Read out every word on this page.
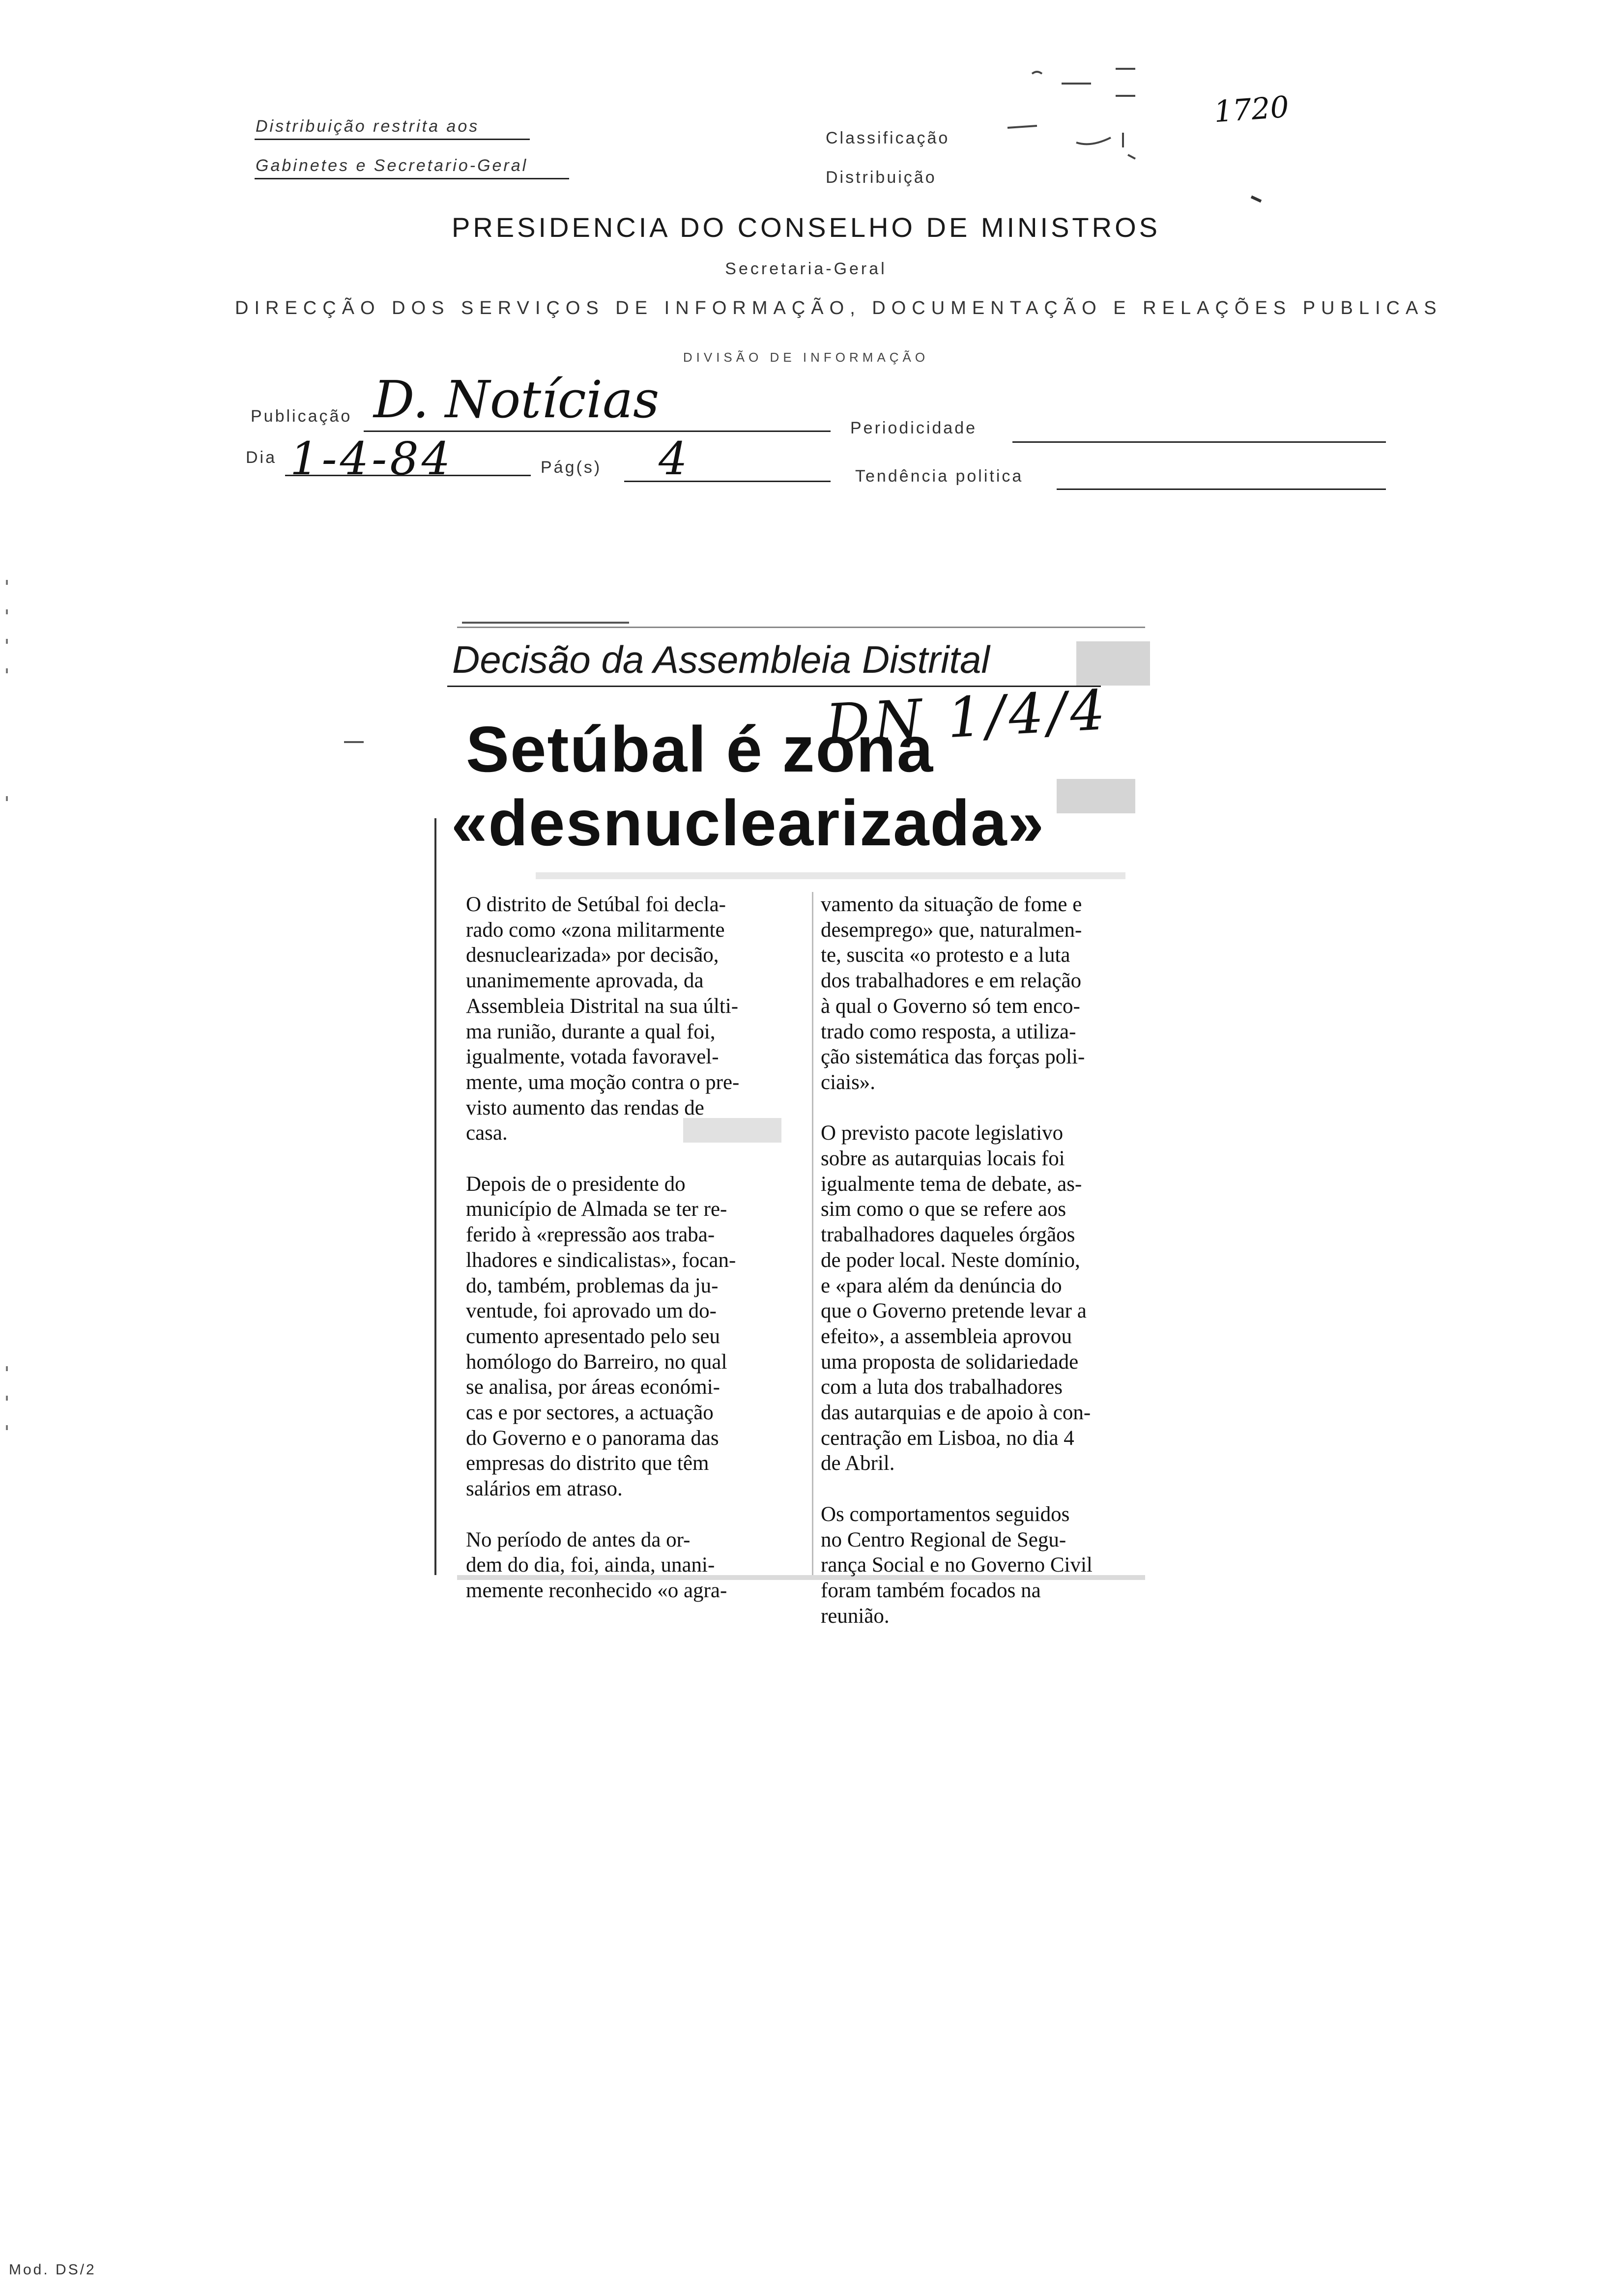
Distribuição restrita aos
Gabinetes e Secretario-Geral
Classificação
Distribuição
1720
PRESIDENCIA DO CONSELHO DE MINISTROS
Secretaria-Geral
DIRECÇÃO DOS SERVIÇOS DE INFORMAÇÃO, DOCUMENTAÇÃO E RELAÇÕES PUBLICAS
DIVISÃO DE INFORMAÇÃO
Publicação D. Notícias	Periodicidade
Dia 1-4-84	Pág(s) 4	Tendência politica
Decisão da Assembleia Distrital
DN 1/4/4
Setúbal é zona
«desnuclearizada»
O distrito de Setúbal foi decla-
rado como «zona militarmente
desnuclearizada» por decisão,
unanimemente aprovada, da
Assembleia Distrital na sua últi-
ma runião, durante a qual foi,
igualmente, votada favoravel-
mente, uma moção contra o pre-
visto aumento das rendas de
casa.

Depois de o presidente do
município de Almada se ter re-
ferido à «repressão aos traba-
lhadores e sindicalistas», focan-
do, também, problemas da ju-
ventude, foi aprovado um do-
cumento apresentado pelo seu
homólogo do Barreiro, no qual
se analisa, por áreas económi-
cas e por sectores, a actuação
do Governo e o panorama das
empresas do distrito que têm
salários em atraso.

No período de antes da or-
dem do dia, foi, ainda, unani-
memente reconhecido «o agra-
vamento da situação de fome e
desemprego» que, naturalmen-
te, suscita «o protesto e a luta
dos trabalhadores e em relação
à qual o Governo só tem enco-
trado como resposta, a utiliza-
ção sistemática das forças poli-
ciais».

O previsto pacote legislativo
sobre as autarquias locais foi
igualmente tema de debate, as-
sim como o que se refere aos
trabalhadores daqueles órgãos
de poder local. Neste domínio,
e «para além da denúncia do
que o Governo pretende levar a
efeito», a assembleia aprovou
uma proposta de solidariedade
com a luta dos trabalhadores
das autarquias e de apoio à con-
centração em Lisboa, no dia 4
de Abril.

Os comportamentos seguidos
no Centro Regional de Segu-
rança Social e no Governo Civil
foram também focados na
reunião.
Mod. DS/2
